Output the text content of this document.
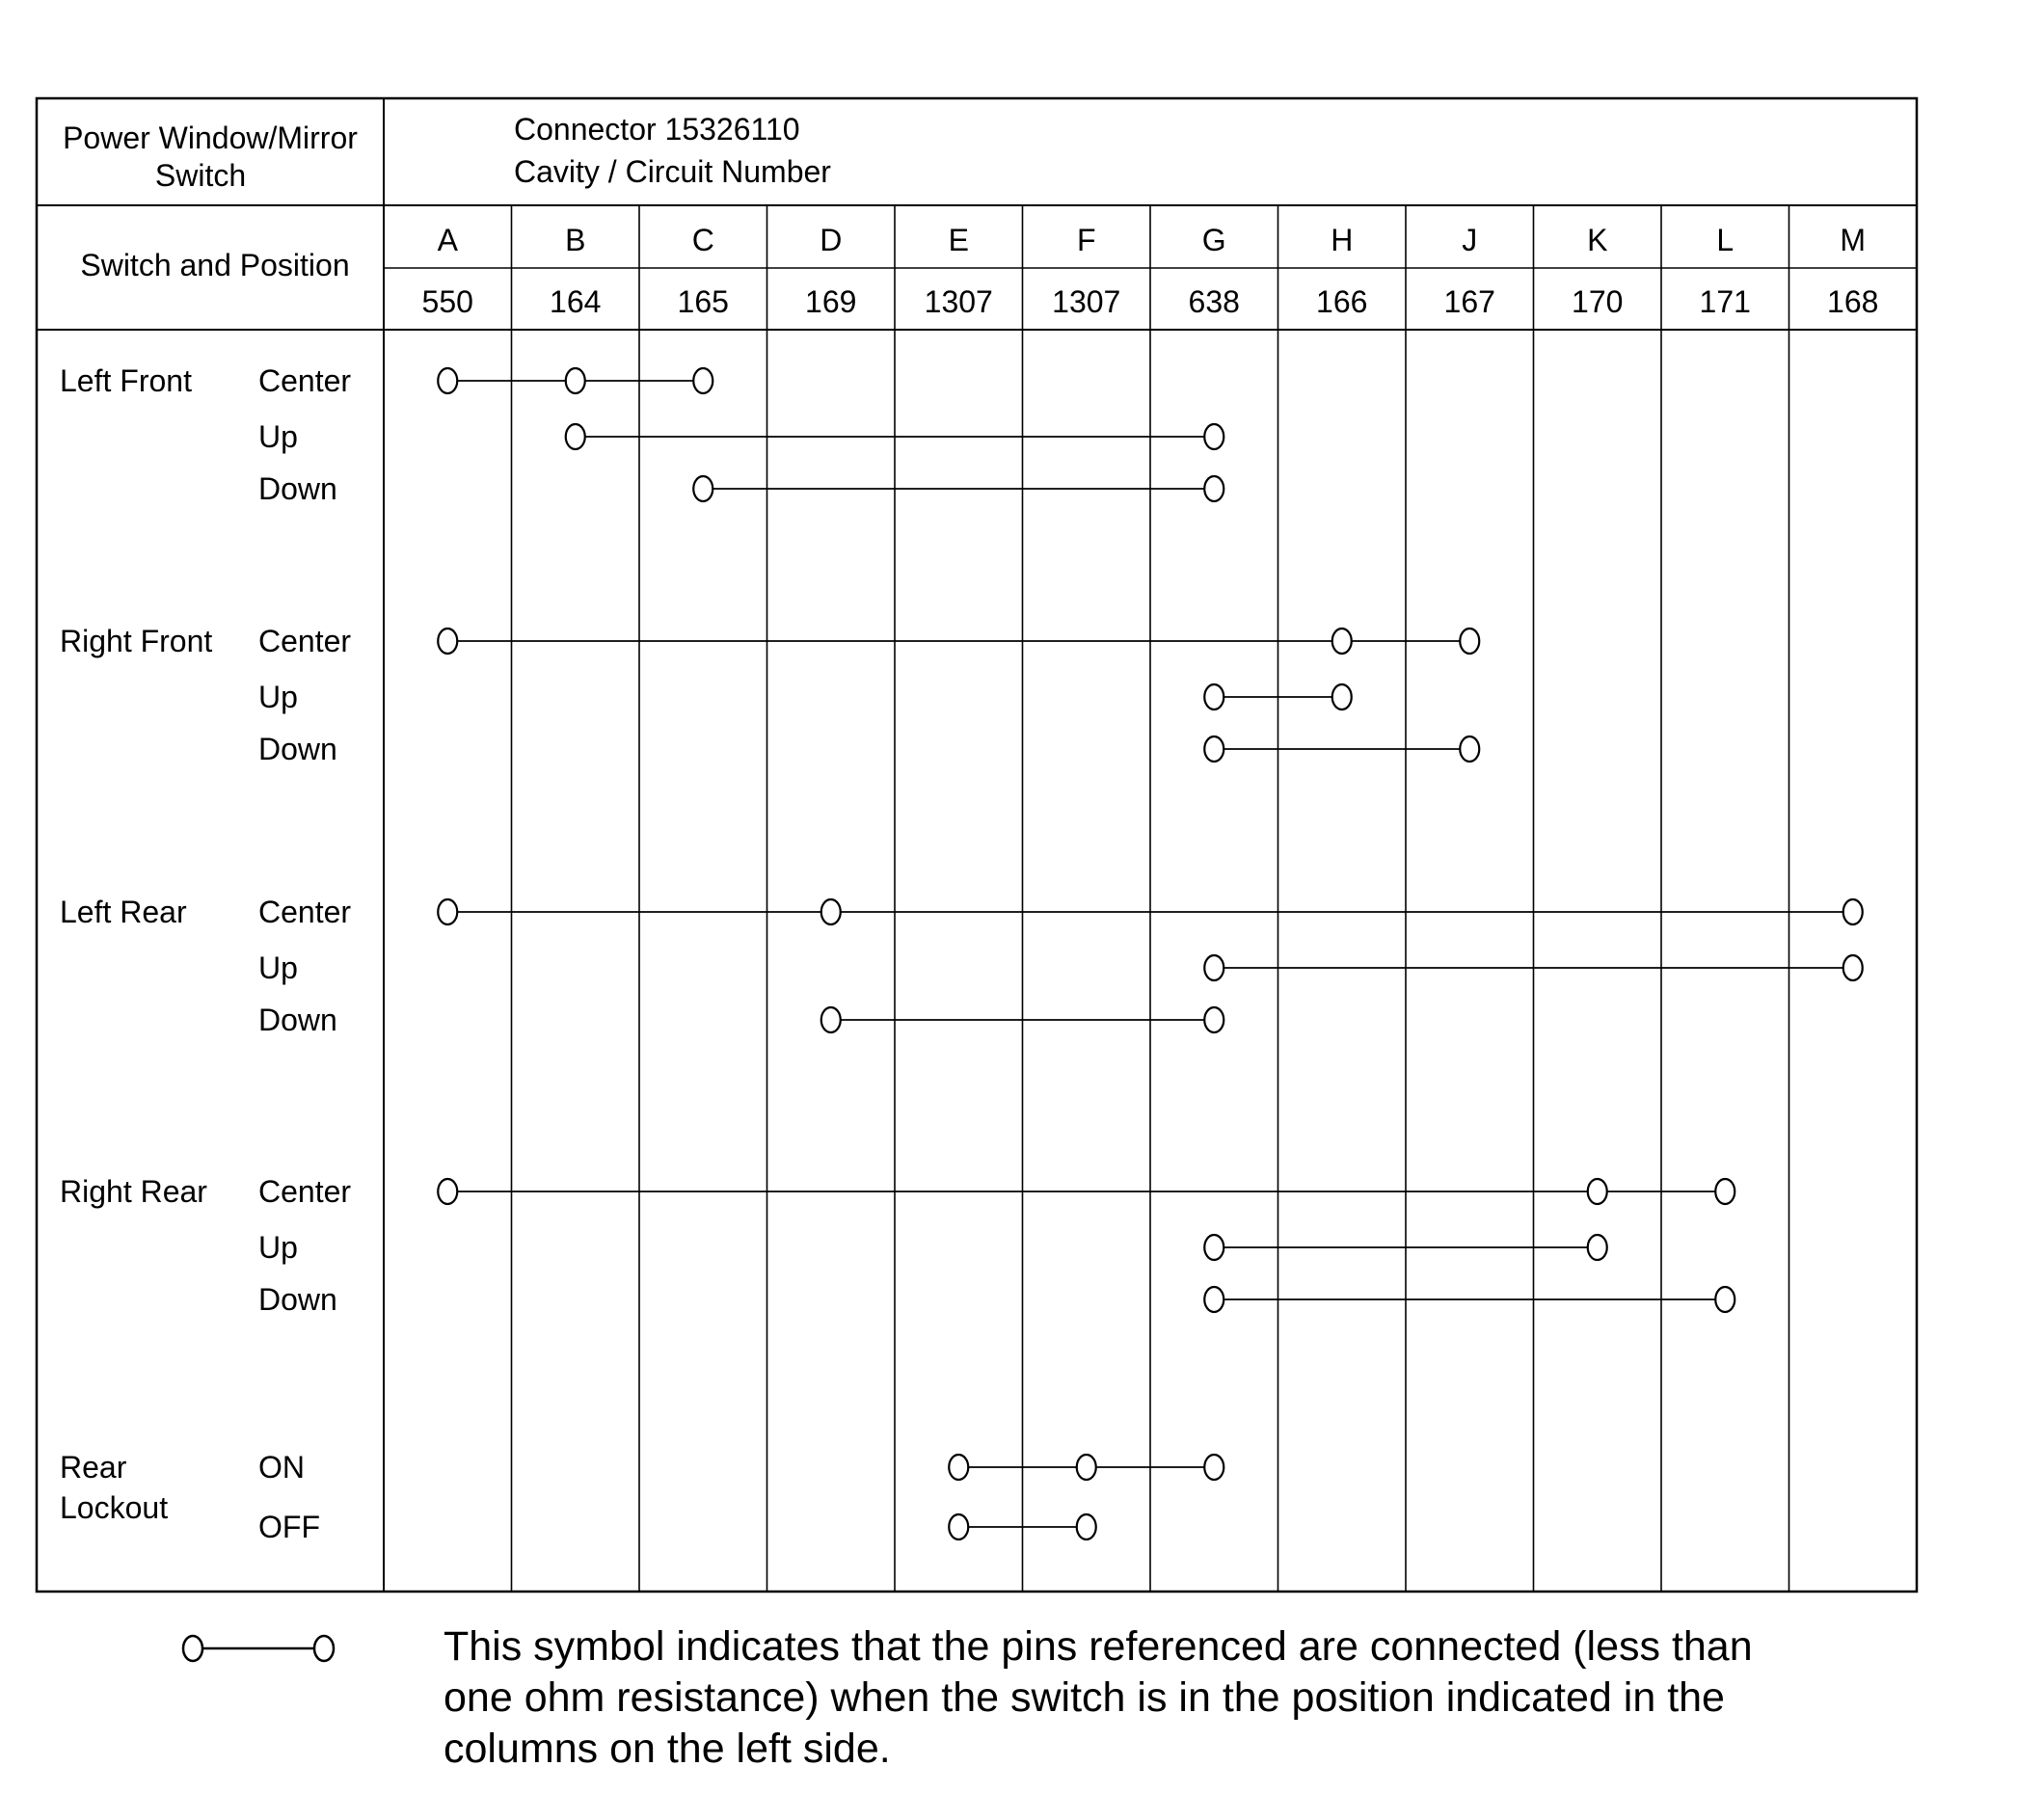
Power Window/Mirror
Switch
Connector 15326110
Cavity / Circuit Number
Switch and Position
A
550
B
164
C
165
D
169
E
1307
F
1307
G
638
H
166
J
167
K
170
L
171
M
168
Left Front Center
Up
Down
Right Front Center
Up
Down
Left Rear Center
Up
Down
Right Rear Center
Up
Down
Rear
Lockout
ON
OFF
This symbol indicates that the pins referenced are connected (less than
one ohm resistance) when the switch is in the position indicated in the
columns on the left side.
